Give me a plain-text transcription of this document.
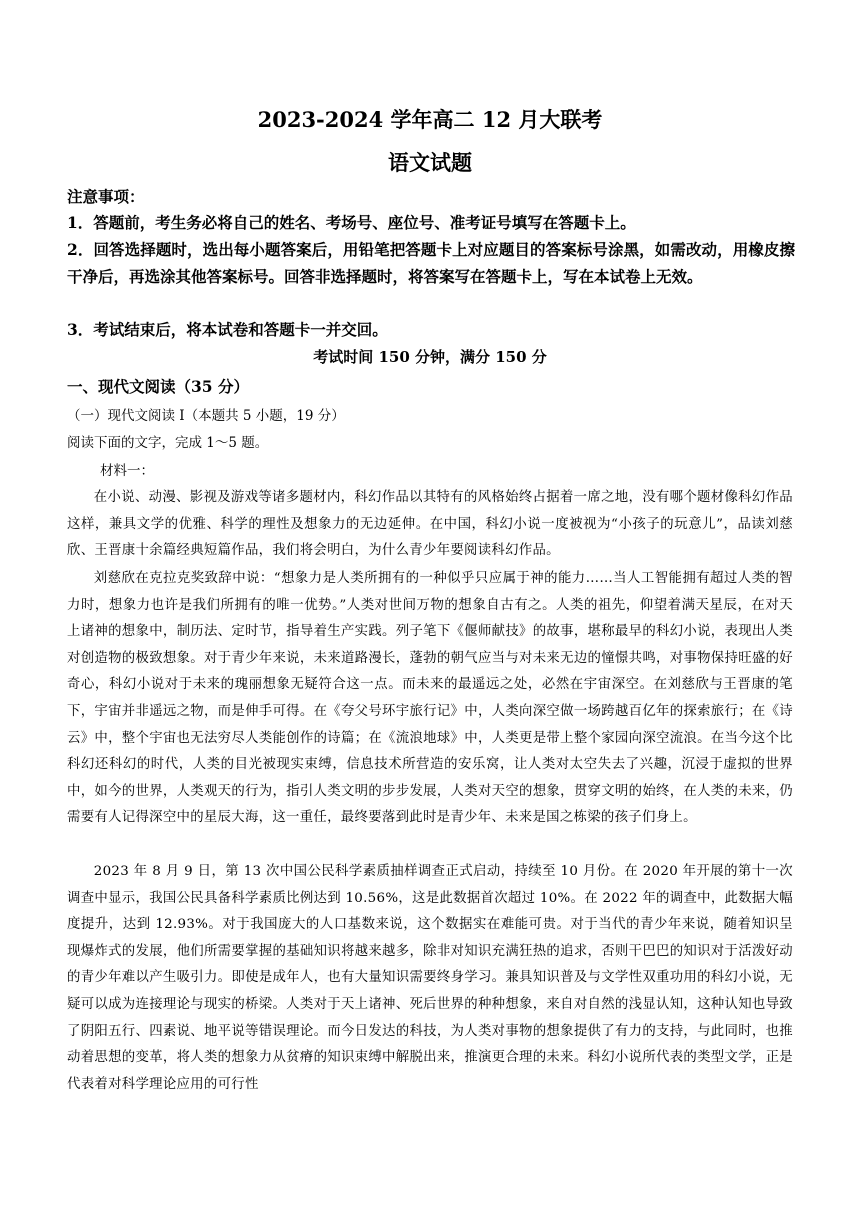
2023-2024 学年高二 12 月大联考
语文试题
注意事项：
1．答题前，考生务必将自己的姓名、考场号、座位号、准考证号填写在答题卡上。
2．回答选择题时，选出每小题答案后，用铅笔把答题卡上对应题目的答案标号涂黑，如需改动，用橡皮擦干净后，再选涂其他答案标号。回答非选择题时，将答案写在答题卡上，写在本试卷上无效。
3．考试结束后，将本试卷和答题卡一并交回。
考试时间 150 分钟，满分 150 分
一、现代文阅读（35 分）
（一）现代文阅读 I（本题共 5 小题，19 分）
阅读下面的文字，完成 1～5 题。
材料一：
在小说、动漫、影视及游戏等诸多题材内，科幻作品以其特有的风格始终占据着一席之地，没有哪个题材像科幻作品这样，兼具文学的优雅、科学的理性及想象力的无边延伸。在中国，科幻小说一度被视为“小孩子的玩意儿”，品读刘慈欣、王晋康十余篇经典短篇作品，我们将会明白，为什么青少年要阅读科幻作品。
刘慈欣在克拉克奖致辞中说：“想象力是人类所拥有的一种似乎只应属于神的能力……当人工智能拥有超过人类的智力时，想象力也许是我们所拥有的唯一优势。”人类对世间万物的想象自古有之。人类的祖先，仰望着满天星辰，在对天上诸神的想象中，制历法、定时节，指导着生产实践。列子笔下《偃师献技》的故事，堪称最早的科幻小说，表现出人类对创造物的极致想象。对于青少年来说，未来道路漫长，蓬勃的朝气应当与对未来无边的憧憬共鸣，对事物保持旺盛的好奇心，科幻小说对于未来的瑰丽想象无疑符合这一点。而未来的最遥远之处，必然在宇宙深空。在刘慈欣与王晋康的笔下，宇宙并非遥远之物，而是伸手可得。在《夸父号环宇旅行记》中，人类向深空做一场跨越百亿年的探索旅行；在《诗云》中，整个宇宙也无法穷尽人类能创作的诗篇；在《流浪地球》中，人类更是带上整个家园向深空流浪。在当今这个比科幻还科幻的时代，人类的目光被现实束缚，信息技术所营造的安乐窝，让人类对太空失去了兴趣，沉浸于虚拟的世界中，如今的世界，人类观天的行为，指引人类文明的步步发展，人类对天空的想象，贯穿文明的始终，在人类的未来，仍需要有人记得深空中的星辰大海，这一重任，最终要落到此时是青少年、未来是国之栋梁的孩子们身上。
2023 年 8 月 9 日，第 13 次中国公民科学素质抽样调查正式启动，持续至 10 月份。在 2020 年开展的第十一次调查中显示，我国公民具备科学素质比例达到 10.56%，这是此数据首次超过 10%。在 2022 年的调查中，此数据大幅度提升，达到 12.93%。对于我国庞大的人口基数来说，这个数据实在难能可贵。对于当代的青少年来说，随着知识呈现爆炸式的发展，他们所需要掌握的基础知识将越来越多，除非对知识充满狂热的追求，否则干巴巴的知识对于活泼好动的青少年难以产生吸引力。即使是成年人，也有大量知识需要终身学习。兼具知识普及与文学性双重功用的科幻小说，无疑可以成为连接理论与现实的桥梁。人类对于天上诸神、死后世界的种种想象，来自对自然的浅显认知，这种认知也导致了阴阳五行、四素说、地平说等错误理论。而今日发达的科技，为人类对事物的想象提供了有力的支持，与此同时，也推动着思想的变革，将人类的想象力从贫瘠的知识束缚中解脱出来，推演更合理的未来。科幻小说所代表的类型文学，正是代表着对科学理论应用的可行性
